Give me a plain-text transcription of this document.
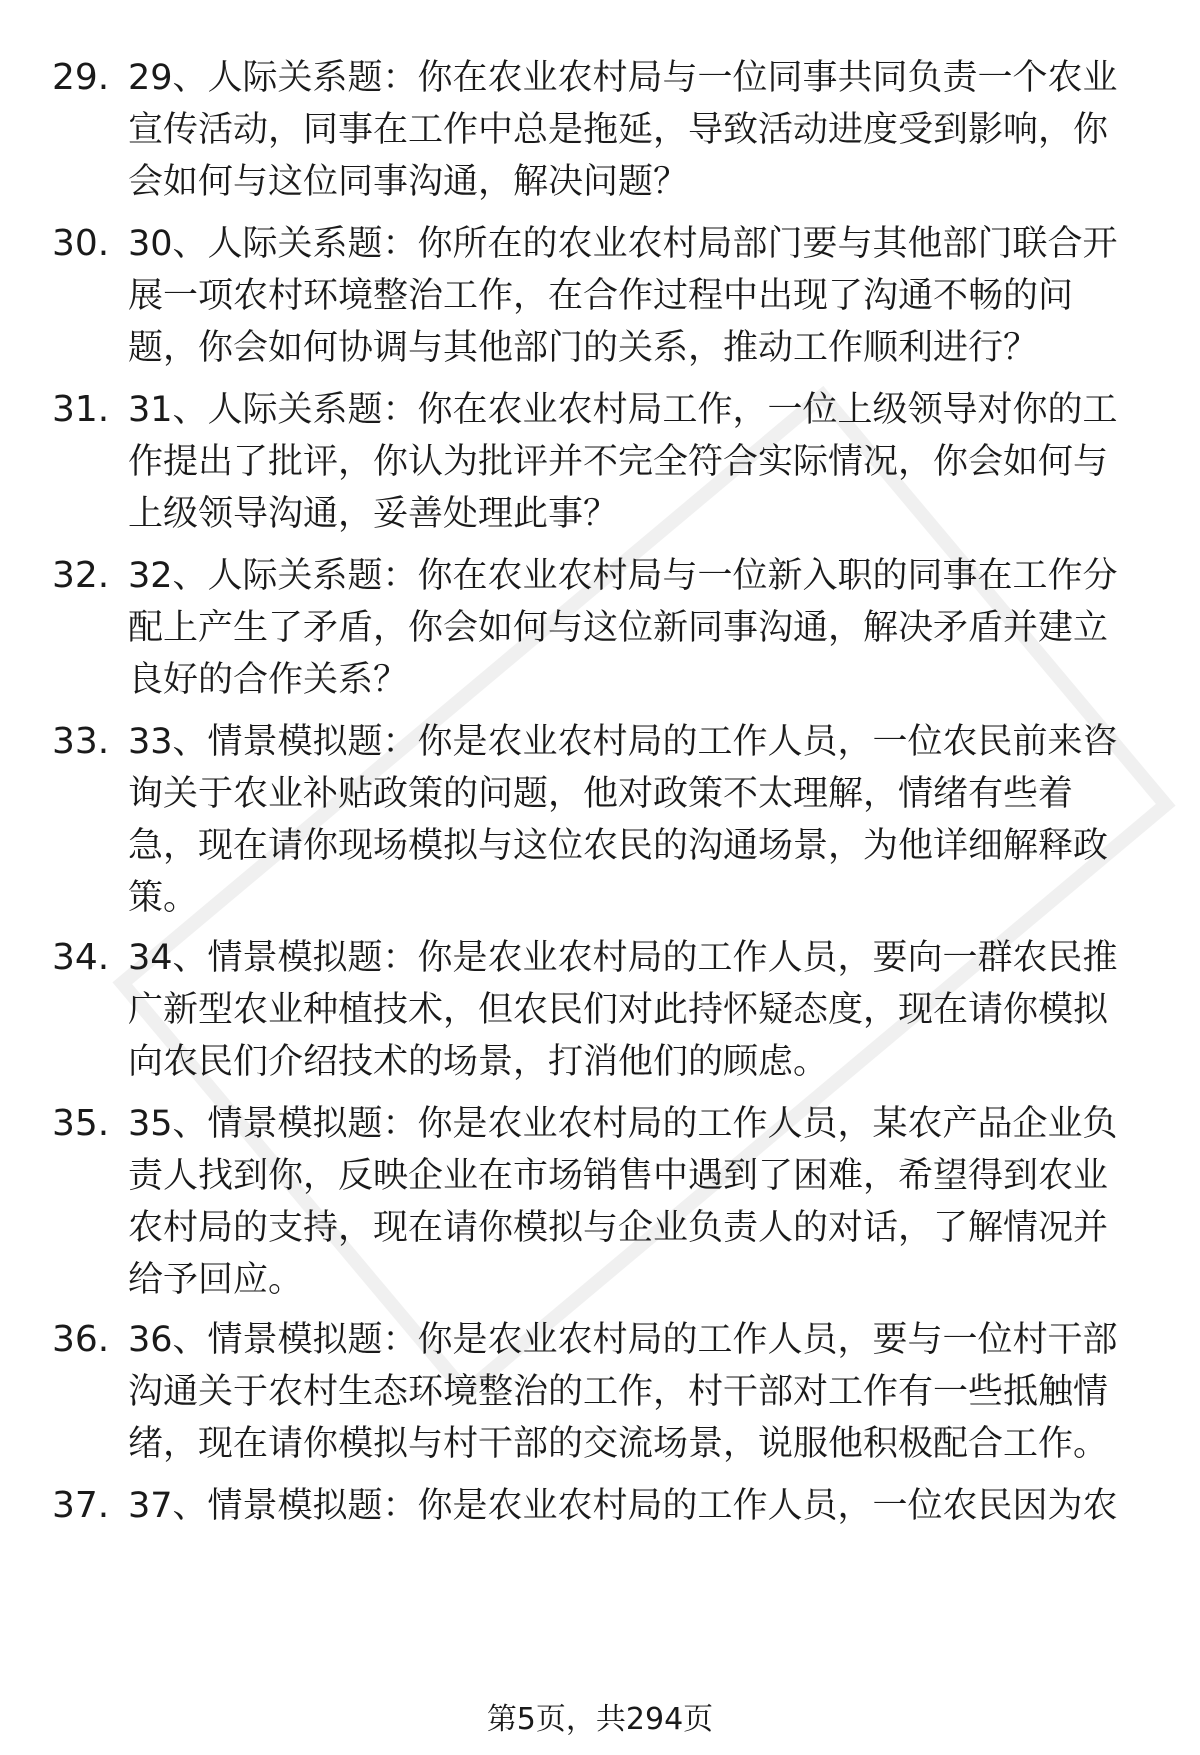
29. 29、人际关系题：你在农业农村局与一位同事共同负责一个农业宣传活动，同事在工作中总是拖延，导致活动进度受到影响，你会如何与这位同事沟通，解决问题？
30. 30、人际关系题：你所在的农业农村局部门要与其他部门联合开展一项农村环境整治工作，在合作过程中出现了沟通不畅的问题，你会如何协调与其他部门的关系，推动工作顺利进行？
31. 31、人际关系题：你在农业农村局工作，一位上级领导对你的工作提出了批评，你认为批评并不完全符合实际情况，你会如何与上级领导沟通，妥善处理此事？
32. 32、人际关系题：你在农业农村局与一位新入职的同事在工作分配上产生了矛盾，你会如何与这位新同事沟通，解决矛盾并建立良好的合作关系？
33. 33、情景模拟题：你是农业农村局的工作人员，一位农民前来咨询关于农业补贴政策的问题，他对政策不太理解，情绪有些着急，现在请你现场模拟与这位农民的沟通场景，为他详细解释政策。
34. 34、情景模拟题：你是农业农村局的工作人员，要向一群农民推广新型农业种植技术，但农民们对此持怀疑态度，现在请你模拟向农民们介绍技术的场景，打消他们的顾虑。
35. 35、情景模拟题：你是农业农村局的工作人员，某农产品企业负责人找到你，反映企业在市场销售中遇到了困难，希望得到农业农村局的支持，现在请你模拟与企业负责人的对话，了解情况并给予回应。
36. 36、情景模拟题：你是农业农村局的工作人员，要与一位村干部沟通关于农村生态环境整治的工作，村干部对工作有一些抵触情绪，现在请你模拟与村干部的交流场景，说服他积极配合工作。
37. 37、情景模拟题：你是农业农村局的工作人员，一位农民因为农
第5页，共294页
